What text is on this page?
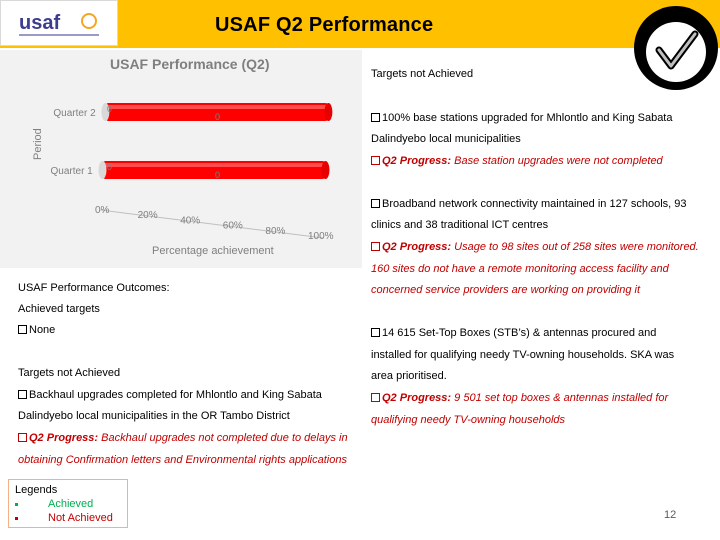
usaf	USAF Q2 Performance
USAF Performance (Q2)
Period
Percentage achievement
Quarter 2
Quarter 1
0
0
0
0
0%	20% 40% 60% 80% 100%
USAF Performance Outcomes:
Achieved targets
None
Targets not Achieved
Backhaul upgrades completed for Mhlontlo and King Sabata
Dalindyebo local municipalities in the OR Tambo District
Q2 Progress: Backhaul upgrades not completed due to delays in
obtaining Confirmation letters and Environmental rights applications
Targets not Achieved
100% base stations upgraded for Mhlontlo and King Sabata
Dalindyebo local municipalities
Q2 Progress: Base station upgrades were not completed
Broadband network connectivity maintained in 127 schools, 93
clinics and 38 traditional ICT centres
Q2 Progress: Usage to 98 sites out of 258 sites were monitored.
160 sites do not have a remote monitoring access facility and
concerned service providers are working on providing it
14 615 Set-Top Boxes (STB’s) & antennas procured and
installed for qualifying needy TV-owning households. SKA was
area prioritised.
Q2 Progress: 9 501 set top boxes & antennas installed for
qualifying needy TV-owning households
Legends
Achieved
Not Achieved	12
